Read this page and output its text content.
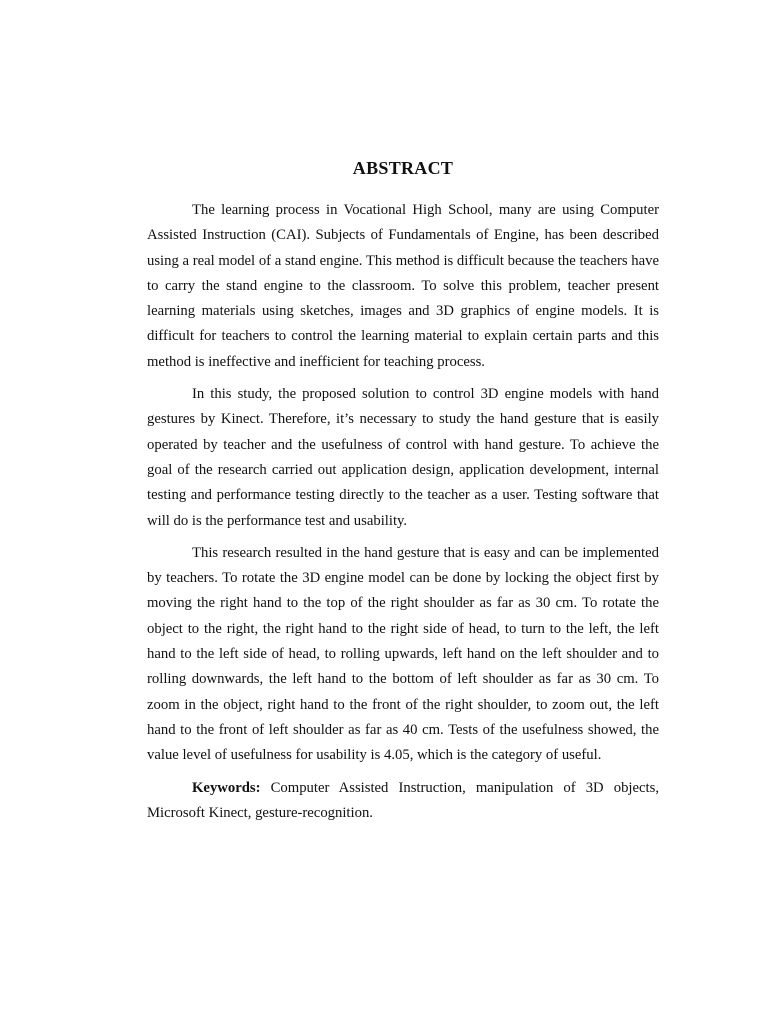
ABSTRACT

The learning process in Vocational High School, many are using Computer Assisted Instruction (CAI). Subjects of Fundamentals of Engine, has been described using a real model of a stand engine. This method is difficult because the teachers have to carry the stand engine to the classroom. To solve this problem, teacher present learning materials using sketches, images and 3D graphics of engine models. It is difficult for teachers to control the learning material to explain certain parts and this method is ineffective and inefficient for teaching process.

In this study, the proposed solution to control 3D engine models with hand gestures by Kinect. Therefore, it’s necessary to study the hand gesture that is easily operated by teacher and the usefulness of control with hand gesture. To achieve the goal of the research carried out application design, application development, internal testing and performance testing directly to the teacher as a user. Testing software that will do is the performance test and usability.

This research resulted in the hand gesture that is easy and can be implemented by teachers. To rotate the 3D engine model can be done by locking the object first by moving the right hand to the top of the right shoulder as far as 30 cm. To rotate the object to the right, the right hand to the right side of head, to turn to the left, the left hand to the left side of head, to rolling upwards, left hand on the left shoulder and to rolling downwards, the left hand to the bottom of left shoulder as far as 30 cm. To zoom in the object, right hand to the front of the right shoulder, to zoom out, the left hand to the front of left shoulder as far as 40 cm. Tests of the usefulness showed, the value level of usefulness for usability is 4.05, which is the category of useful.

Keywords: Computer Assisted Instruction, manipulation of 3D objects, Microsoft Kinect, gesture-recognition.
